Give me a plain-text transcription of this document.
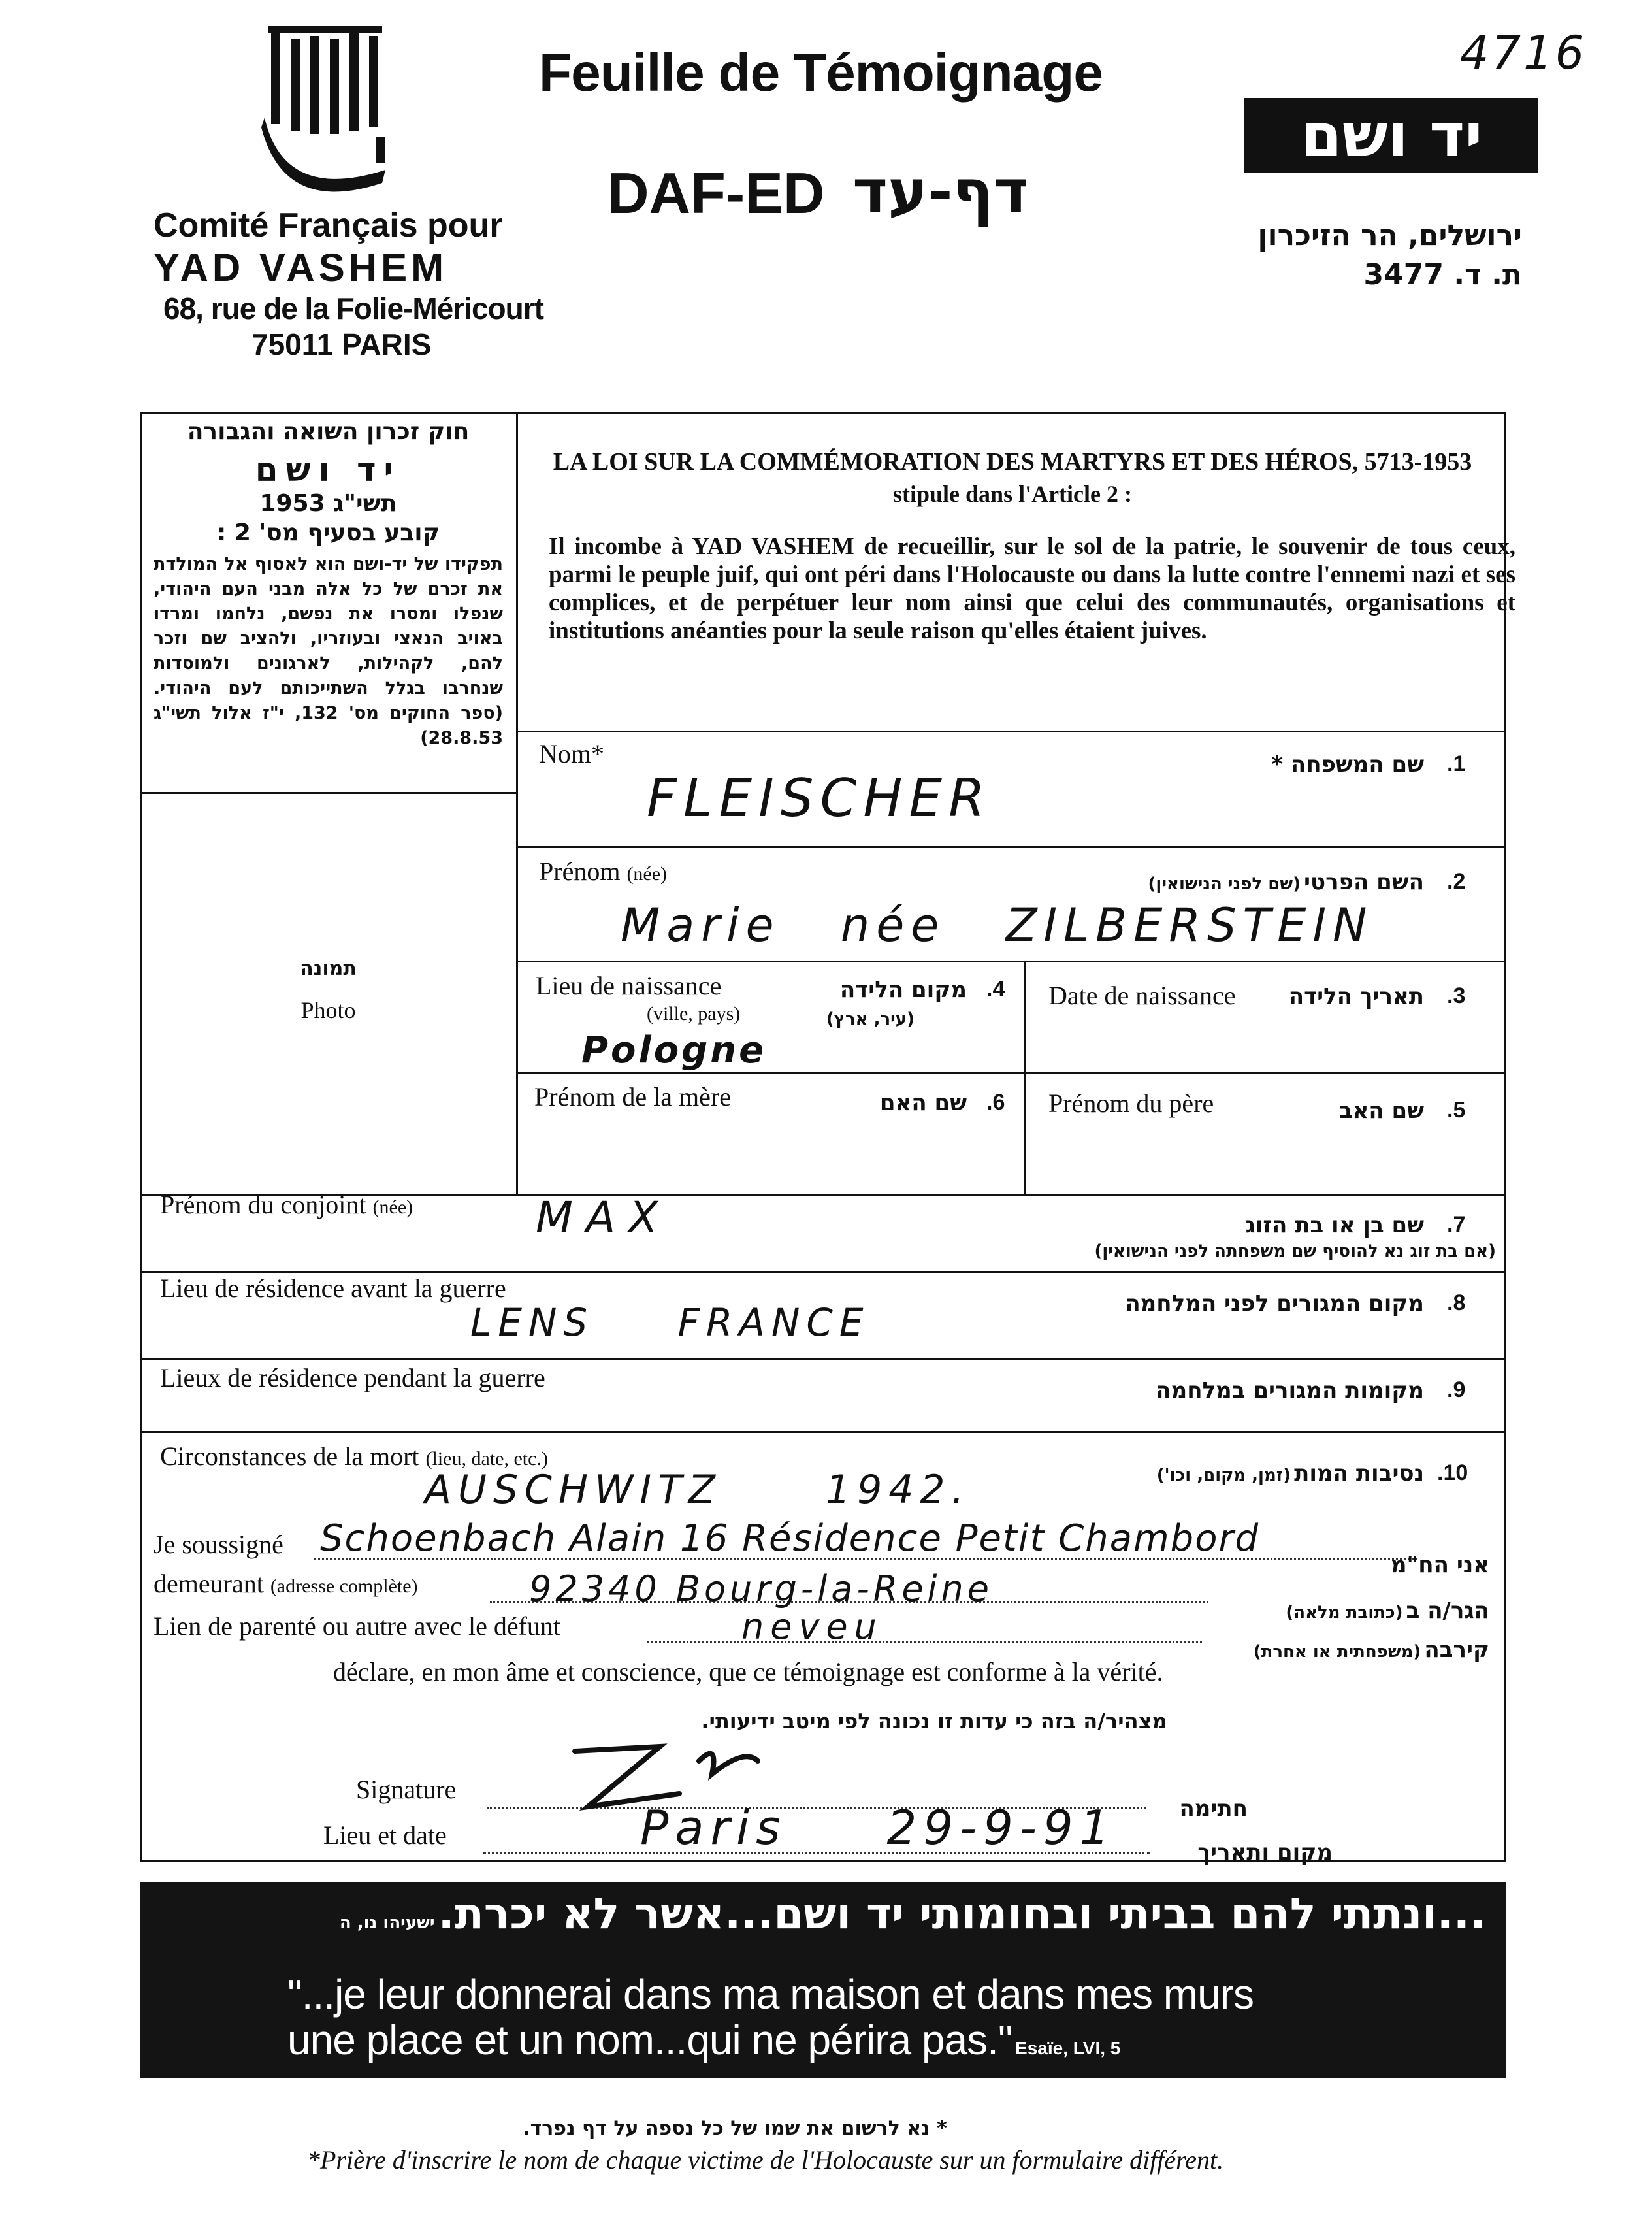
4716
Comité Français pour
YAD VASHEM
68, rue de la Folie-Méricourt
75011 PARIS
Feuille de Témoignage
DAF-ED דף-עד
יד ושם
ירושלים, הר הזיכרון
ת. ד. 3477
חוק זכרון השואה והגבורה
יד ושם
תשי"ג 1953
קובע בסעיף מס' 2 :
תפקידו של יד-ושם הוא לאסוף אל המולדת את זכרם של כל אלה מבני העם היהודי, שנפלו ומסרו את נפשם, נלחמו ומרדו באויב הנאצי ובעוזריו, ולהציב שם וזכר להם, לקהילות, לארגונים ולמוסדות שנחרבו בגלל השתייכותם לעם היהודי. (ספר החוקים מס' 132, י"ז אלול תשי"ג 28.8.53)
LA LOI SUR LA COMMÉMORATION DES MARTYRS ET DES HÉROS, 5713-1953
stipule dans l'Article 2 :
Il incombe à YAD VASHEM de recueillir, sur le sol de la patrie, le souvenir de tous ceux, parmi le peuple juif, qui ont péri dans l'Holocauste ou dans la lutte contre l'ennemi nazi et ses complices, et de perpétuer leur nom ainsi que celui des communautés, organisations et institutions anéanties pour la seule raison qu'elles étaient juives.
תמונה
Photo
Nom*	שם המשפחה * .1
FLEISCHER
Prénom (née)	השם הפרטי (שם לפני הנישואין)	.2
Marie née ZILBERSTEIN
Lieu de naissance
(ville, pays)
מקום הלידה
(עיר, ארץ)
.4
Pologne
Date de naissance	תאריך הלידה .3
Prénom de la mère	שם האם .6 Prénom du père	שם האב .5
Prénom du conjoint (née)
שם בן או בת הזוג
(אם בת זוג נא להוסיף שם משפחתה לפני הנישואין)
.7
MAX
Lieu de résidence avant la guerre
מקום המגורים לפני המלחמה .8
LENS FRANCE
Lieux de résidence pendant la guerre	מקומות המגורים במלחמה .9
Circonstances de la mort (lieu, date, etc.)
נסיבות המות (זמן, מקום, וכו')	.10
AUSCHWITZ 1942.
Je soussigné Schoenbach Alain 16 Résidence Petit Chambord
אני הח"מ
demeurant (adresse complète)	92340 Bourg-la-Reine
הגר/ה ב (כתובת מלאה)
Lien de parenté ou autre avec le défunt	neveu
קירבה (משפחתית או אחרת)
déclare, en mon âme et conscience, que ce témoignage est conforme à la vérité.
מצהיר/ה בזה כי עדות זו נכונה לפי מיטב ידיעותי.
Signature
חתימה
Lieu et date	Paris 29-9-91	מקום ותאריך
...ונתתי להם בביתי ובחומותי יד ושם...אשר לא יכרת. ישעיהו נו, ה
"...je leur donnerai dans ma maison et dans mes murs
une place et un nom...qui ne périra pas." Esaïe, LVI, 5
* נא לרשום את שמו של כל נספה על דף נפרד.
*Prière d'inscrire le nom de chaque victime de l'Holocauste sur un formulaire différent.
